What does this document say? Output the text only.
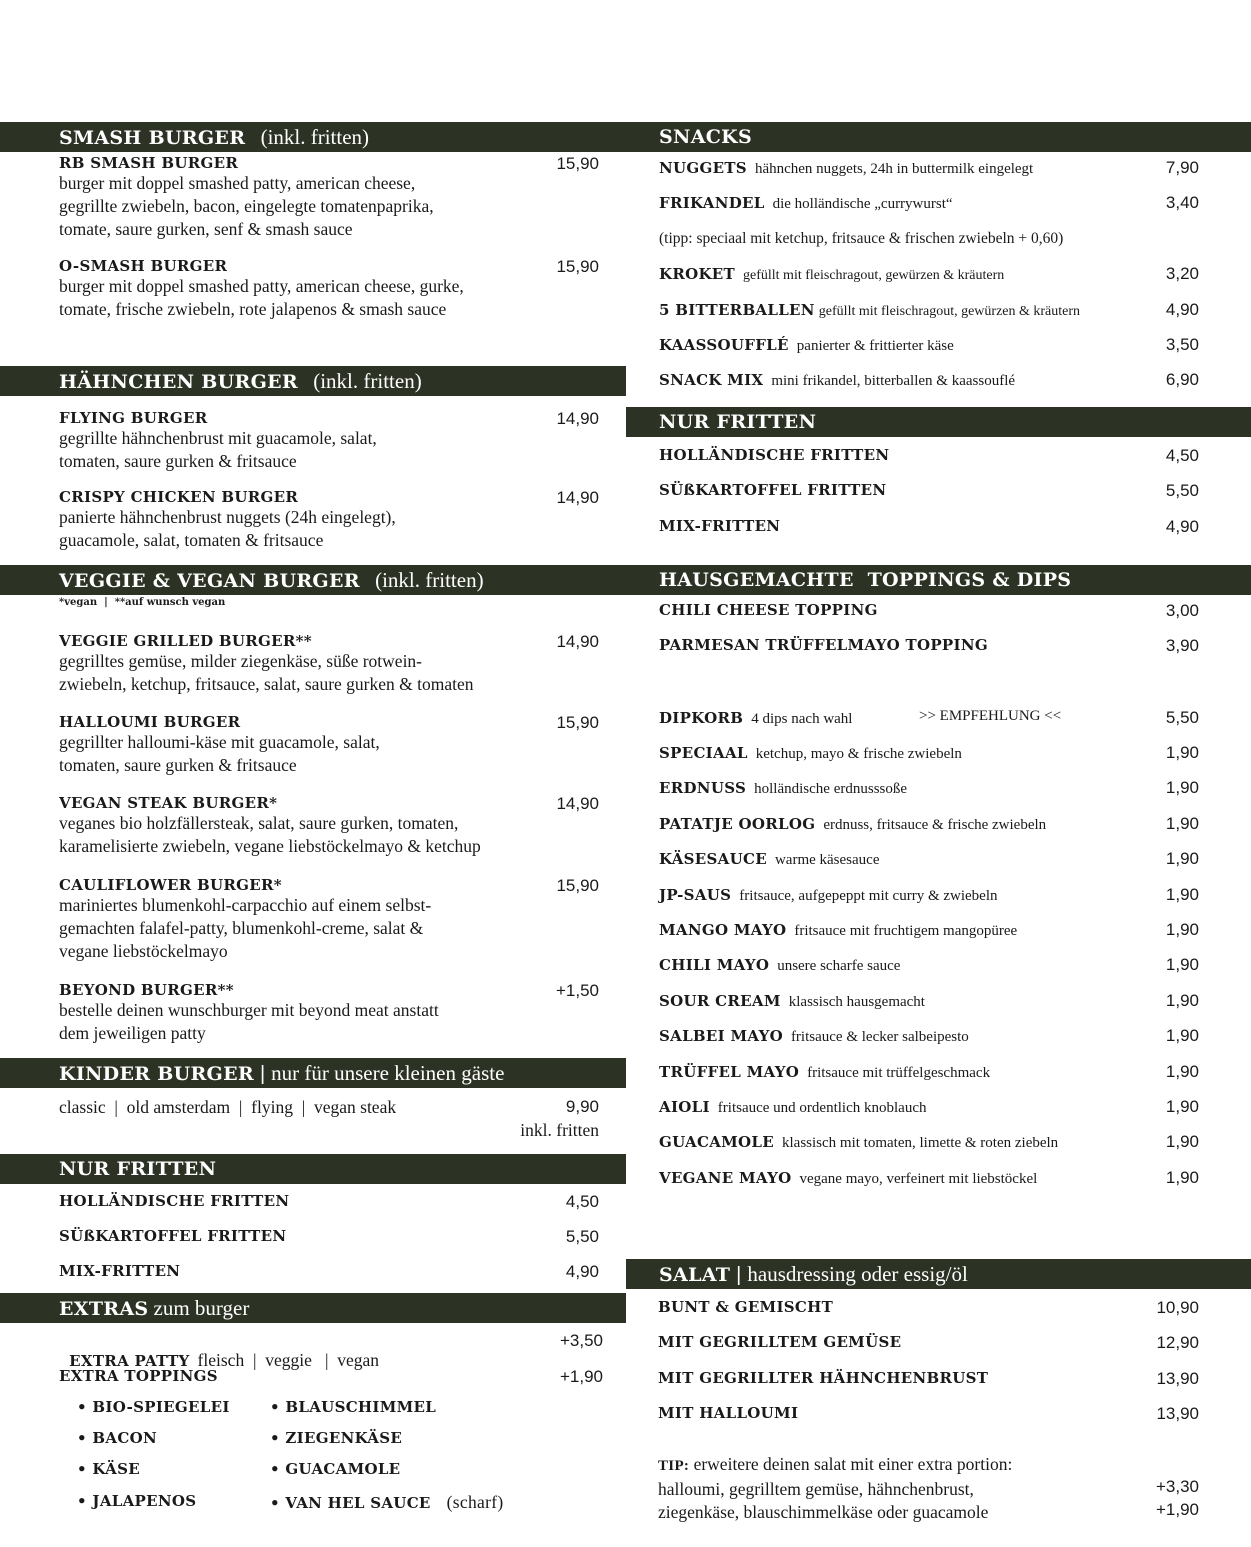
SMASH BURGER (inkl. fritten)
RB SMASH BURGER
burger mit doppel smashed patty, american cheese,
gegrillte zwiebeln, bacon, eingelegte tomatenpaprika,
tomate, saure gurken, senf & smash sauce
15,90
O-SMASH BURGER
burger mit doppel smashed patty, american cheese, gurke,
tomate, frische zwiebeln, rote jalapenos & smash sauce
15,90
HÄHNCHEN BURGER (inkl. fritten)
FLYING BURGER
gegrillte hähnchenbrust mit guacamole, salat,
tomaten, saure gurken & fritsauce
14,90
CRISPY CHICKEN BURGER
panierte hähnchenbrust nuggets (24h eingelegt),
guacamole, salat, tomaten & fritsauce
14,90
VEGGIE & VEGAN BURGER (inkl. fritten)
*vegan  |  **auf wunsch vegan
VEGGIE GRILLED BURGER**
gegrilltes gemüse, milder ziegenkäse, süße rotwein-
zwiebeln, ketchup, fritsauce, salat, saure gurken & tomaten
14,90
HALLOUMI BURGER
gegrillter halloumi-käse mit guacamole, salat,
tomaten, saure gurken & fritsauce
15,90
VEGAN STEAK BURGER*
veganes bio holzfällersteak, salat, saure gurken, tomaten,
karamelisierte zwiebeln, vegane liebstöckelmayo & ketchup
14,90
CAULIFLOWER BURGER*
mariniertes blumenkohl-carpacchio auf einem selbst-
gemachten falafel-patty, blumenkohl-creme, salat &
vegane liebstöckelmayo
15,90
BEYOND BURGER**
bestelle deinen wunschburger mit beyond meat anstatt
dem jeweiligen patty
+1,50
KINDER BURGER | nur für unsere kleinen gäste
classic  |  old amsterdam  |  flying  |  vegan steak	9,90
inkl. fritten
NUR FRITTEN
HOLLÄNDISCHE FRITTEN	4,50
SÜßKARTOFFEL FRITTEN	5,50
MIX-FRITTEN	4,90
EXTRAS zum burger

EXTRA PATTY fleisch  |  veggie   |  vegan

+3,50
EXTRA TOPPINGS	+1,90
• BIO-SPIEGELEI
• BACON
• KÄSE
• JALAPENOS
• BLAUSCHIMMEL
• ZIEGENKÄSE
• GUACAMOLE
• VAN HEL SAUCE (scharf)
SNACKS
NUGGETS hähnchen nuggets, 24h in buttermilk eingelegt	7,90
FRIKANDEL die holländische „currywurst“	3,40
(tipp: speciaal mit ketchup, fritsauce & frischen zwiebeln + 0,60)
KROKET gefüllt mit fleischragout, gewürzen & kräutern	3,20
5 BITTERBALLEN gefüllt mit fleischragout, gewürzen & kräutern	4,90
KAASSOUFFLÉ panierter & frittierter käse	3,50
SNACK MIX mini frikandel, bitterballen & kaassouflé	6,90
NUR FRITTEN
HOLLÄNDISCHE FRITTEN	4,50
SÜßKARTOFFEL FRITTEN	5,50
MIX-FRITTEN	4,90
HAUSGEMACHTE  TOPPINGS & DIPS
CHILI CHEESE TOPPING	3,00
PARMESAN TRÜFFELMAYO TOPPING	3,90
DIPKORB 4 dips nach wahl	>> EMPFEHLUNG <<	5,50
SPECIAAL ketchup, mayo & frische zwiebeln	1,90
ERDNUSS holländische erdnusssoße	1,90
PATATJE OORLOG erdnuss, fritsauce & frische zwiebeln	1,90
KÄSESAUCE warme käsesauce	1,90
JP-SAUS fritsauce, aufgepeppt mit curry & zwiebeln	1,90
MANGO MAYO fritsauce mit fruchtigem mangopüree	1,90
CHILI MAYO unsere scharfe sauce	1,90
SOUR CREAM klassisch hausgemacht	1,90
SALBEI MAYO fritsauce & lecker salbeipesto	1,90
TRÜFFEL MAYO fritsauce mit trüffelgeschmack	1,90
AIOLI fritsauce und ordentlich knoblauch	1,90
GUACAMOLE klassisch mit tomaten, limette & roten ziebeln	1,90
VEGANE MAYO vegane mayo, verfeinert mit liebstöckel	1,90
SALAT | hausdressing oder essig/öl
BUNT & GEMISCHT	10,90
MIT GEGRILLTEM GEMÜSE	12,90
MIT GEGRILLTER HÄHNCHENBRUST	13,90
MIT HALLOUMI	13,90
TIP: erweitere deinen salat mit einer extra portion:
halloumi, gegrilltem gemüse, hähnchenbrust,
ziegenkäse, blauschimmelkäse oder guacamole
+3,30
+1,90
